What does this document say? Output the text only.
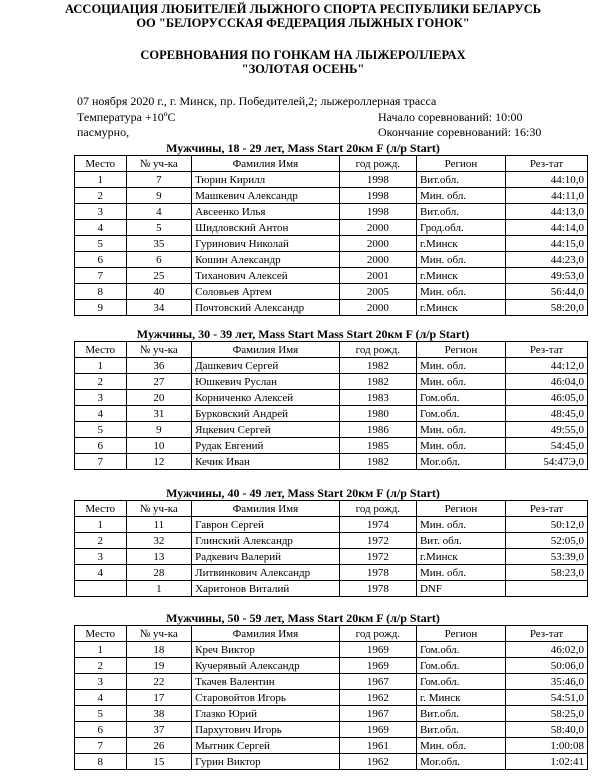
АССОЦИАЦИЯ ЛЮБИТЕЛЕЙ ЛЫЖНОГО СПОРТА РЕСПУБЛИКИ БЕЛАРУСЬ
ОО "БЕЛОРУССКАЯ ФЕДЕРАЦИЯ ЛЫЖНЫХ ГОНОК"
СОРЕВНОВАНИЯ ПО ГОНКАМ НА ЛЫЖЕРОЛЛЕРАХ
"ЗОЛОТАЯ ОСЕНЬ"
07 ноября 2020 г., г. Минск, пр. Победителей,2; лыжероллерная трасса
Температура +10ºС
пасмурно,
Начало соревнований: 10:00
Окончание соревнований: 16:30
Мужчины, 18 - 29 лет, Mass Start 20км F (л/р Start)
Место	№ уч-ка	Фамилия Имя	год рожд.	Регион	Рез-тат
1	7	Тюрин Кирилл	1998	Вит.обл.	44:10,0
2	9	Машкевич Александр	1998	Мин. обл.	44:11,0
3	4	Авсеенко Илья	1998	Вит.обл.	44:13,0
4	5	Шидловский Антон	2000	Грод.обл.	44:14,0
5	35	Гуринович Николай	2000	г.Минск	44:15,0
6	6	Кошин Александр	2000	Мин. обл.	44:23,0
7	25	Тиханович Алексей	2001	г.Минск	49:53,0
8	40	Соловьев Артем	2005	Мин. обл.	56:44,0
9	34	Почтовский Александр	2000	г.Минск	58:20,0
Мужчины, 30 - 39 лет, Mass Start Mass Start 20км F (л/р Start)
Место	№ уч-ка	Фамилия Имя	год рожд.	Регион	Рез-тат
1	36	Дашкевич Сергей	1982	Мин. обл.	44:12,0
2	27	Юшкевич Руслан	1982	Мин. обл.	46:04,0
3	20	Корниченко Алексей	1983	Гом.обл.	46:05,0
4	31	Бурковский Андрей	1980	Гом.обл.	48:45,0
5	9	Яцкевич Сергей	1986	Мин. обл.	49:55,0
6	10	Рудак Евгений	1985	Мин. обл.	54:45,0
7	12	Кечик Иван	1982	Мог.обл.	54:47Э,0
Мужчины, 40 - 49 лет, Mass Start 20км F (л/р Start)
Место	№ уч-ка	Фамилия Имя	год рожд.	Регион	Рез-тат
1	11	Гаврон Сергей	1974	Мин. обл.	50:12,0
2	32	Глинский Александр	1972	Вит. обл.	52:05,0
3	13	Радкевич Валерий	1972	г.Минск	53:39,0
4	28	Литвинкович Александр	1978	Мин. обл.	58:23,0
	1	Харитонов Виталий	1978	DNF	
Мужчины, 50 - 59 лет, Mass Start 20км F (л/р Start)
Место	№ уч-ка	Фамилия Имя	год рожд.	Регион	Рез-тат
1	18	Креч Виктор	1969	Гом.обл.	46:02,0
2	19	Кучерявый Александр	1969	Гом.обл.	50:06,0
3	22	Ткачев Валентин	1967	Гом.обл.	35:46,0
4	17	Старовойтов Игорь	1962	г. Минск	54:51,0
5	38	Глазко Юрий	1967	Вит.обл.	58:25,0
6	37	Пархутович Игорь	1969	Вит.обл.	58:40,0
7	26	Мытник Сергей	1961	Мин. обл.	1:00:08
8	15	Гурин Виктор	1962	Мог.обл.	1:02:41
